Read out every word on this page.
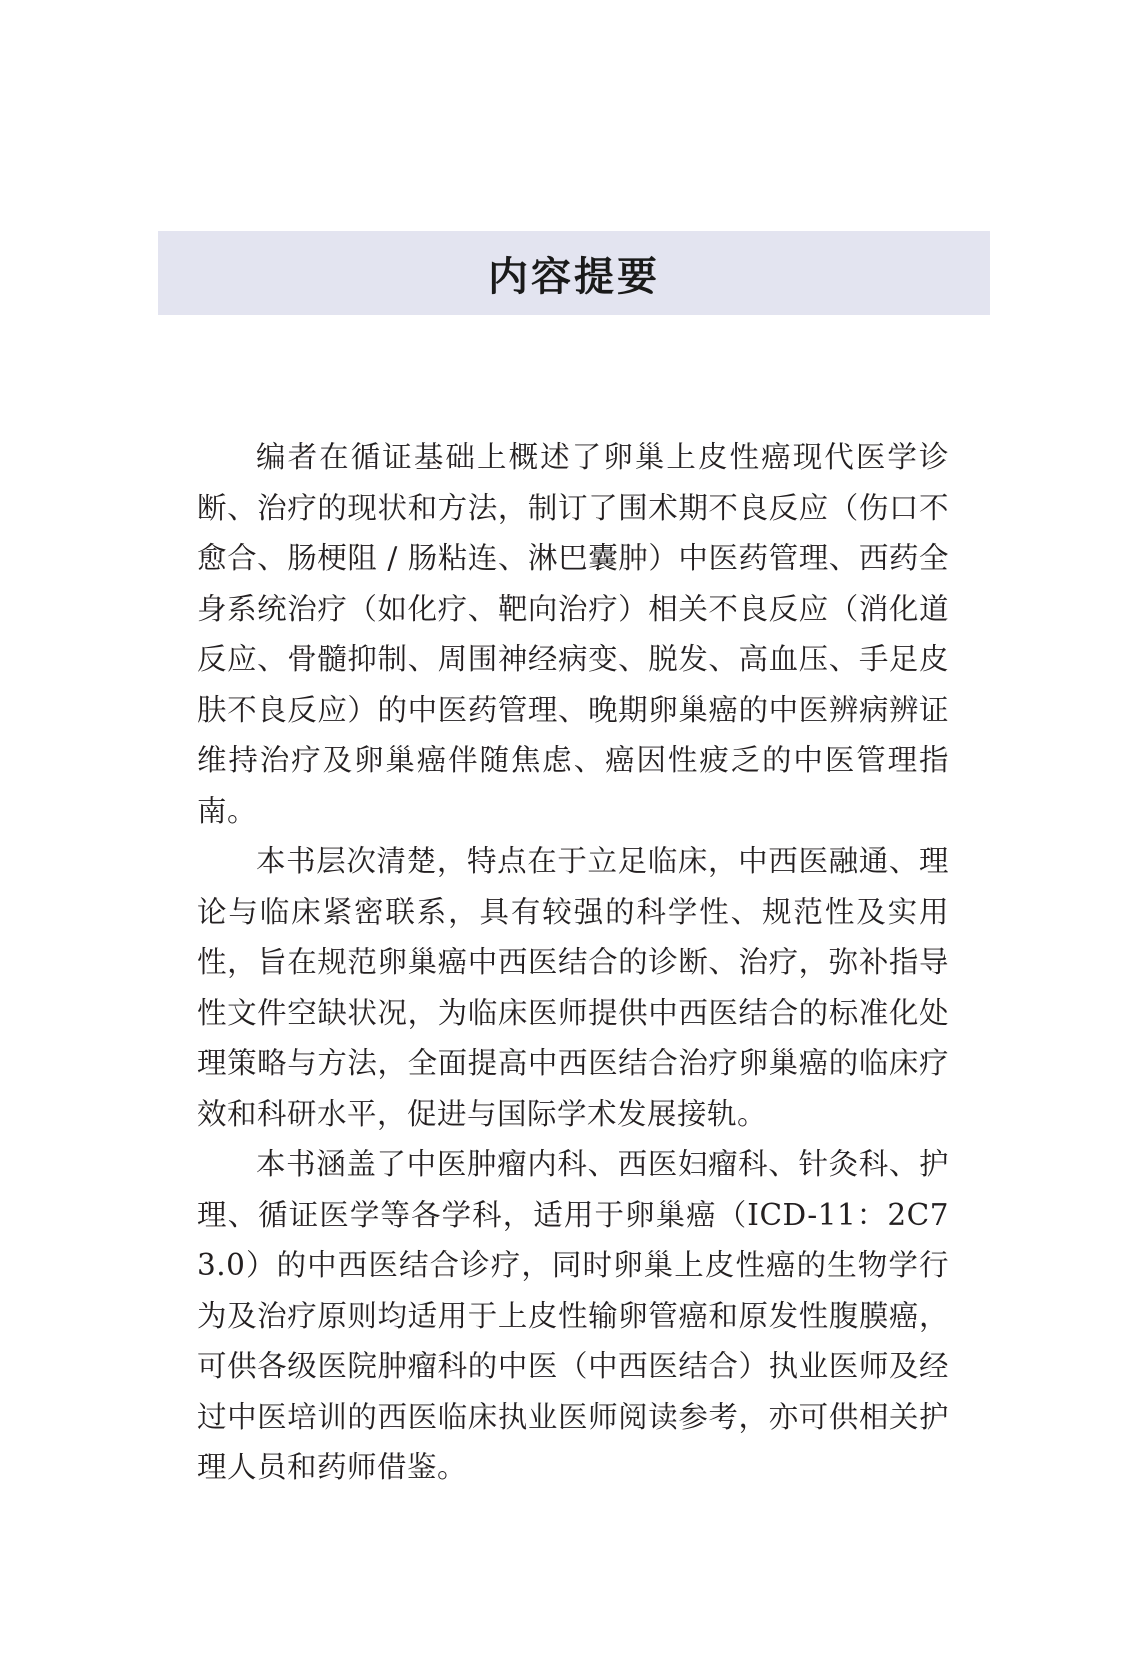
内容提要

编者在循证基础上概述了卵巢上皮性癌现代医学诊断、治疗的现状和方法，制订了围术期不良反应（伤口不愈合、肠梗阻 / 肠粘连、淋巴囊肿）中医药管理、西药全身系统治疗（如化疗、靶向治疗）相关不良反应（消化道反应、骨髓抑制、周围神经病变、脱发、高血压、手足皮肤不良反应）的中医药管理、晚期卵巢癌的中医辨病辨证维持治疗及卵巢癌伴随焦虑、癌因性疲乏的中医管理指南。

本书层次清楚，特点在于立足临床，中西医融通、理论与临床紧密联系，具有较强的科学性、规范性及实用性，旨在规范卵巢癌中西医结合的诊断、治疗，弥补指导性文件空缺状况，为临床医师提供中西医结合的标准化处理策略与方法，全面提高中西医结合治疗卵巢癌的临床疗效和科研水平，促进与国际学术发展接轨。

本书涵盖了中医肿瘤内科、西医妇瘤科、针灸科、护理、循证医学等各学科，适用于卵巢癌（ICD-11：2C73.0）的中西医结合诊疗，同时卵巢上皮性癌的生物学行为及治疗原则均适用于上皮性输卵管癌和原发性腹膜癌，可供各级医院肿瘤科的中医（中西医结合）执业医师及经过中医培训的西医临床执业医师阅读参考，亦可供相关护理人员和药师借鉴。
